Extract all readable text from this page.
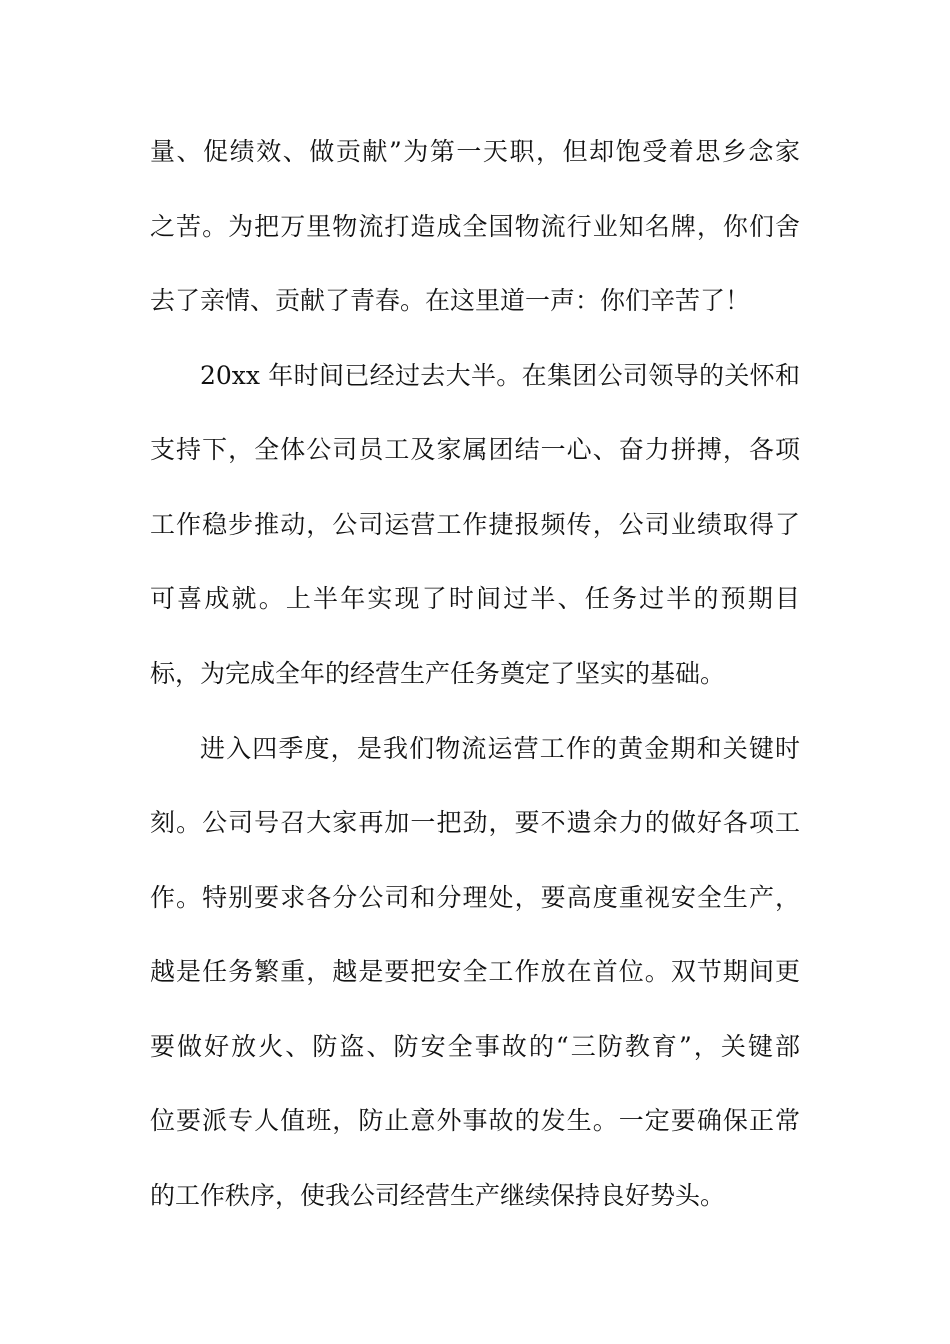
量、促绩效、做贡献”为第一天职，但却饱受着思乡念家
之苦。为把万里物流打造成全国物流行业知名牌，你们舍
去了亲情、贡献了青春。在这里道一声：你们辛苦了！
20xx 年时间已经过去大半。在集团公司领导的关怀和
支持下，全体公司员工及家属团结一心、奋力拼搏，各项
工作稳步推动，公司运营工作捷报频传，公司业绩取得了
可喜成就。上半年实现了时间过半、任务过半的预期目
标，为完成全年的经营生产任务奠定了坚实的基础。
进入四季度，是我们物流运营工作的黄金期和关键时
刻。公司号召大家再加一把劲，要不遗余力的做好各项工
作。特别要求各分公司和分理处，要高度重视安全生产，
越是任务繁重，越是要把安全工作放在首位。双节期间更
要做好放火、防盗、防安全事故的“三防教育”，关键部
位要派专人值班，防止意外事故的发生。一定要确保正常
的工作秩序，使我公司经营生产继续保持良好势头。
